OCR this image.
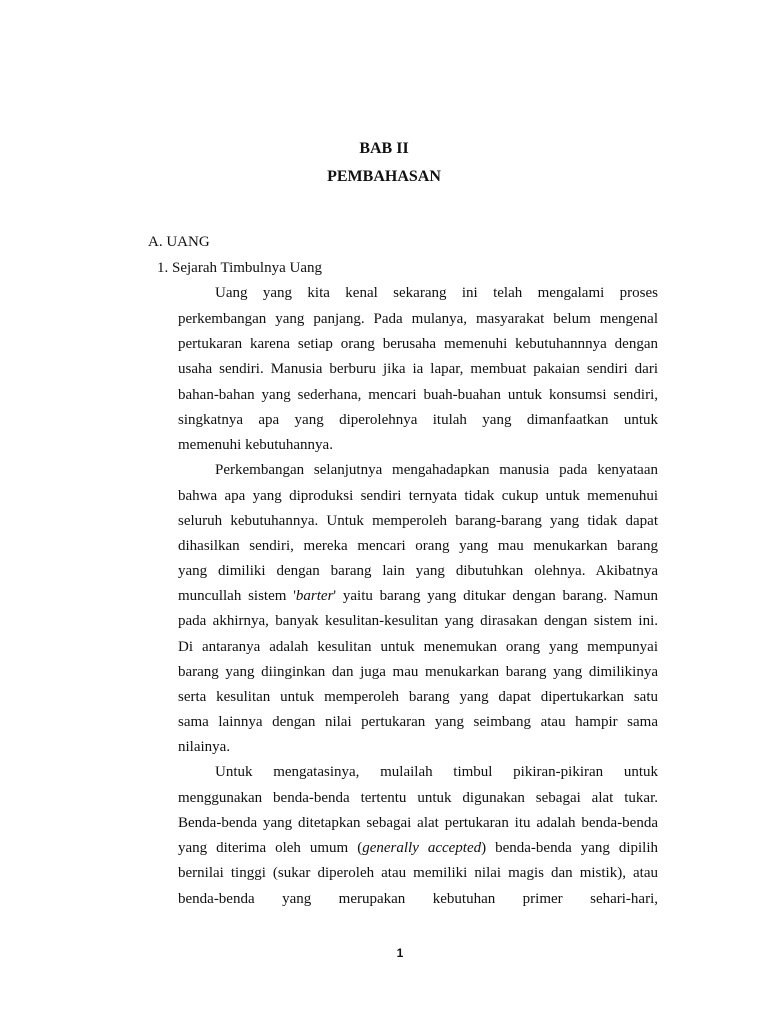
BAB II
PEMBAHASAN
A. UANG
1. Sejarah Timbulnya Uang
Uang yang kita kenal sekarang ini telah mengalami proses
perkembangan yang panjang. Pada mulanya, masyarakat belum mengenal
pertukaran karena setiap orang berusaha memenuhi kebutuhannnya dengan
usaha sendiri. Manusia berburu jika ia lapar, membuat pakaian sendiri dari
bahan-bahan yang sederhana, mencari buah-buahan untuk konsumsi sendiri,
singkatnya apa yang diperolehnya itulah yang dimanfaatkan untuk
memenuhi kebutuhannya.
Perkembangan selanjutnya mengahadapkan manusia pada kenyataan
bahwa apa yang diproduksi sendiri ternyata tidak cukup untuk memenuhui
seluruh kebutuhannya. Untuk memperoleh barang-barang yang tidak dapat
dihasilkan sendiri, mereka mencari orang yang mau menukarkan barang
yang dimiliki dengan barang lain yang dibutuhkan olehnya. Akibatnya
muncullah sistem 'barter' yaitu barang yang ditukar dengan barang. Namun
pada akhirnya, banyak kesulitan-kesulitan yang dirasakan dengan sistem ini.
Di antaranya adalah kesulitan untuk menemukan orang yang mempunyai
barang yang diinginkan dan juga mau menukarkan barang yang dimilikinya
serta kesulitan untuk memperoleh barang yang dapat dipertukarkan satu
sama lainnya dengan nilai pertukaran yang seimbang atau hampir sama
nilainya.
Untuk mengatasinya, mulailah timbul pikiran-pikiran untuk
menggunakan benda-benda tertentu untuk digunakan sebagai alat tukar.
Benda-benda yang ditetapkan sebagai alat pertukaran itu adalah benda-benda
yang diterima oleh umum (generally accepted) benda-benda yang dipilih
bernilai tinggi (sukar diperoleh atau memiliki nilai magis dan mistik), atau
benda-benda yang merupakan kebutuhan primer sehari-hari,
1
